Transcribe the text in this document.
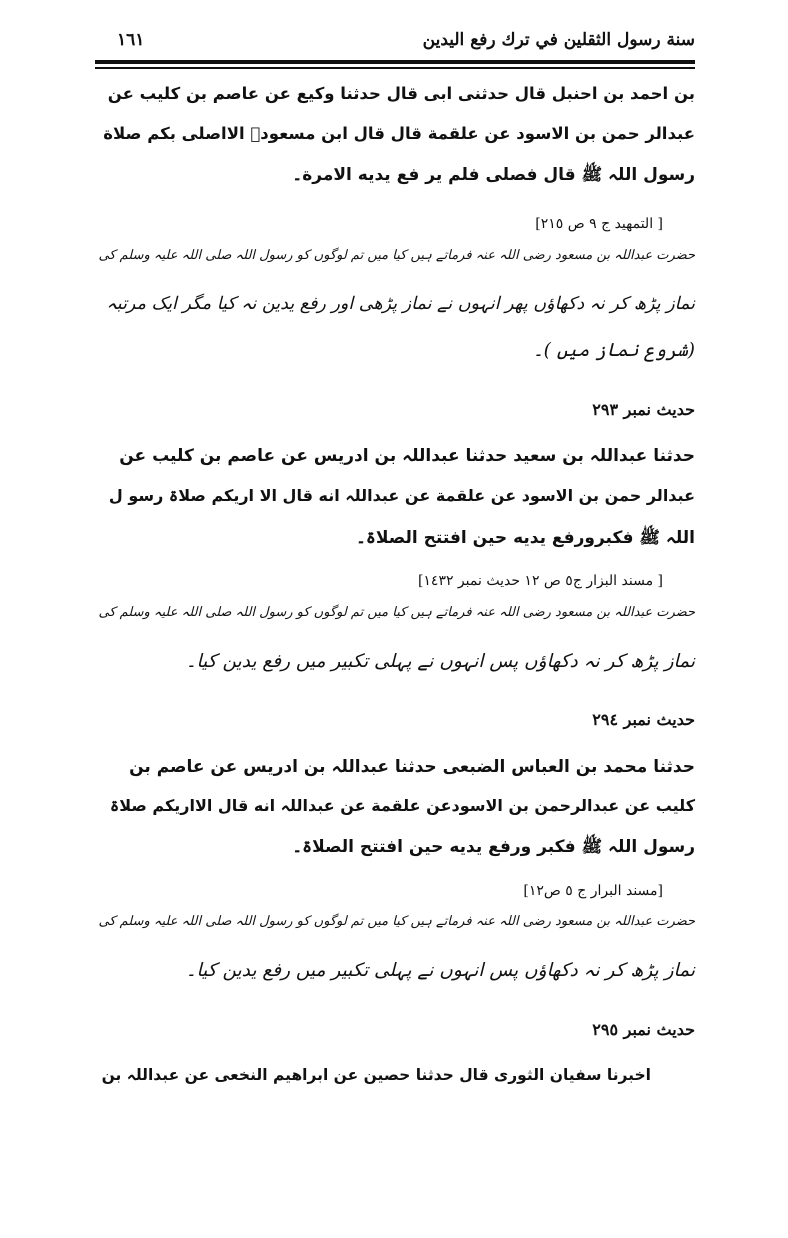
سنة رسول الثقلين في ترك رفع اليدين
١٦١
بن احمد بن احنبل قال حدثنی ابی قال حدثنا وکیع عن عاصم بن کلیب عن
عبدالر حمن بن الاسود عن علقمة قال قال ابن مسعودؓ الااصلی بکم صلاة
رسول اللہ ﷺ قال فصلی فلم یر فع یدیه الامرة۔
[ التمهید ج ٩ ص ٢١٥]
حضرت عبداللہ بن مسعود رضی اللہ عنہ فرماتے ہیں کیا میں تم لوگوں کو رسول اللہ صلی اللہ علیہ وسلم کی
نماز پڑھ کر نہ دکھاؤں پھر انہوں نے نماز پڑھی اور رفع یدین نہ کیا مگر ایک مرتبہ
(شروع نماز میں )۔
حدیث نمبر ٢٩٣
حدثنا عبداللہ بن سعید حدثنا عبداللہ بن ادریس عن عاصم بن کلیب عن
عبدالر حمن بن الاسود عن علقمة عن عبداللہ انه قال الا اریکم صلاۃ رسو ل
اللہ ﷺ فکبرورفع یدیه حین افتتح الصلاۃ۔
[ مسند البزار ج٥ ص ١٢ حدیث نمبر ١٤٣٢]
حضرت عبداللہ بن مسعود رضی اللہ عنہ فرماتے ہیں کیا میں تم لوگوں کو رسول اللہ صلی اللہ علیہ وسلم کی
نماز پڑھ کر نہ دکھاؤں پس انہوں نے پہلی تکبیر میں رفع یدین کیا۔
حدیث نمبر ٢٩٤
حدثنا محمد بن العباس الضبعی حدثنا عبداللہ بن ادریس عن عاصم بن
کلیب عن عبدالرحمن بن الاسودعن علقمة عن عبداللہ انه قال الااریکم صلاۃ
رسول اللہ ﷺ فکبر ورفع یدیه حین افتتح الصلاۃ۔
[مسند البرار ج ٥ ص١٢]
حضرت عبداللہ بن مسعود رضی اللہ عنہ فرماتے ہیں کیا میں تم لوگوں کو رسول اللہ صلی اللہ علیہ وسلم کی
نماز پڑھ کر نہ دکھاؤں پس انہوں نے پہلی تکبیر میں رفع یدین کیا۔
حدیث نمبر ٢٩٥
اخبرنا سفیان الثوری قال حدثنا حصین عن ابراهیم النخعی عن عبداللہ بن
